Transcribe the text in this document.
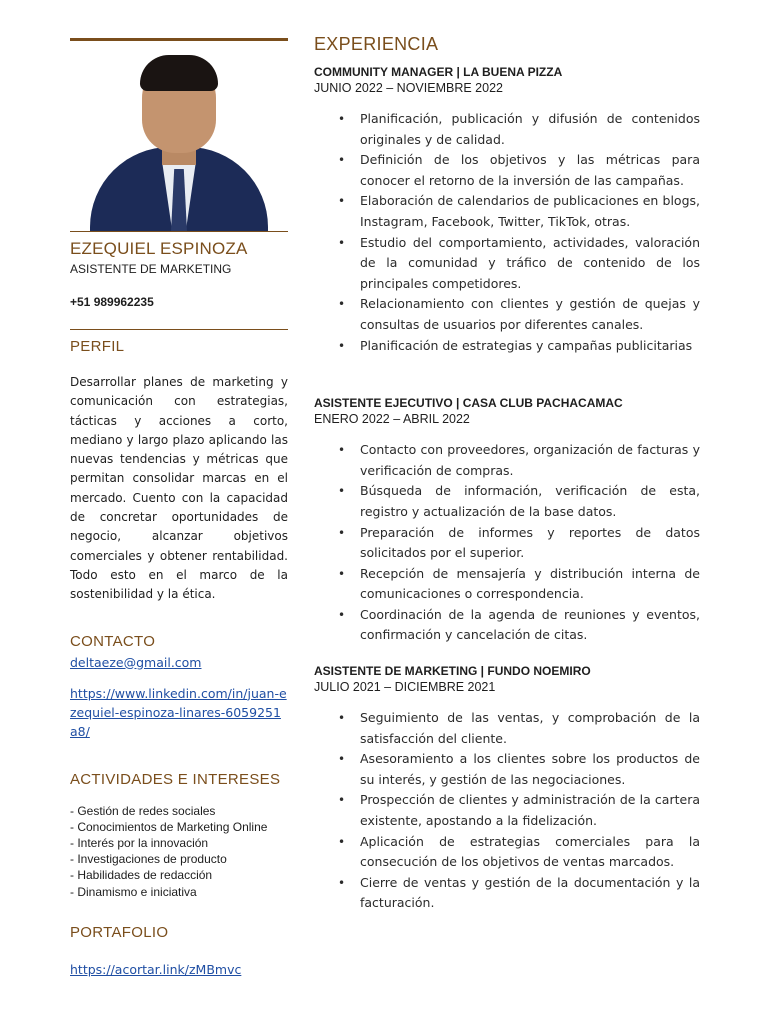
EZEQUIEL ESPINOZA
ASISTENTE DE MARKETING
+51 989962235
PERFIL
Desarrollar planes de marketing y comunicación con estrategias, tácticas y acciones a corto, mediano y largo plazo aplicando las nuevas tendencias y métricas que permitan consolidar marcas en el mercado. Cuento con la capacidad de concretar oportunidades de negocio, alcanzar objetivos comerciales y obtener rentabilidad. Todo esto en el marco de la sostenibilidad y la ética.
CONTACTO
deltaeze@gmail.com
https://www.linkedin.com/in/juan-ezequiel-espinoza-linares-6059251a8/
ACTIVIDADES E INTERESES
- Gestión de redes sociales
- Conocimientos de Marketing Online
- Interés por la innovación
- Investigaciones de producto
- Habilidades de redacción
- Dinamismo e iniciativa
PORTAFOLIO
https://acortar.link/zMBmvc
EXPERIENCIA
COMMUNITY MANAGER | LA BUENA PIZZA
JUNIO 2022 – NOVIEMBRE 2022
• Planificación, publicación y difusión de contenidos originales y de calidad.
• Definición de los objetivos y las métricas para conocer el retorno de la inversión de las campañas.
• Elaboración de calendarios de publicaciones en blogs, Instagram, Facebook, Twitter, TikTok, otras.
• Estudio del comportamiento, actividades, valoración de la comunidad y tráfico de contenido de los principales competidores.
• Relacionamiento con clientes y gestión de quejas y consultas de usuarios por diferentes canales.
• Planificación de estrategias y campañas publicitarias
ASISTENTE EJECUTIVO | CASA CLUB PACHACAMAC
ENERO 2022 – ABRIL 2022
• Contacto con proveedores, organización de facturas y verificación de compras.
• Búsqueda de información, verificación de esta, registro y actualización de la base datos.
• Preparación de informes y reportes de datos solicitados por el superior.
• Recepción de mensajería y distribución interna de comunicaciones o correspondencia.
• Coordinación de la agenda de reuniones y eventos, confirmación y cancelación de citas.
ASISTENTE DE MARKETING | FUNDO NOEMIRO
JULIO 2021 – DICIEMBRE 2021
• Seguimiento de las ventas, y comprobación de la satisfacción del cliente.
• Asesoramiento a los clientes sobre los productos de su interés, y gestión de las negociaciones.
• Prospección de clientes y administración de la cartera existente, apostando a la fidelización.
• Aplicación de estrategias comerciales para la consecución de los objetivos de ventas marcados.
• Cierre de ventas y gestión de la documentación y la facturación.
